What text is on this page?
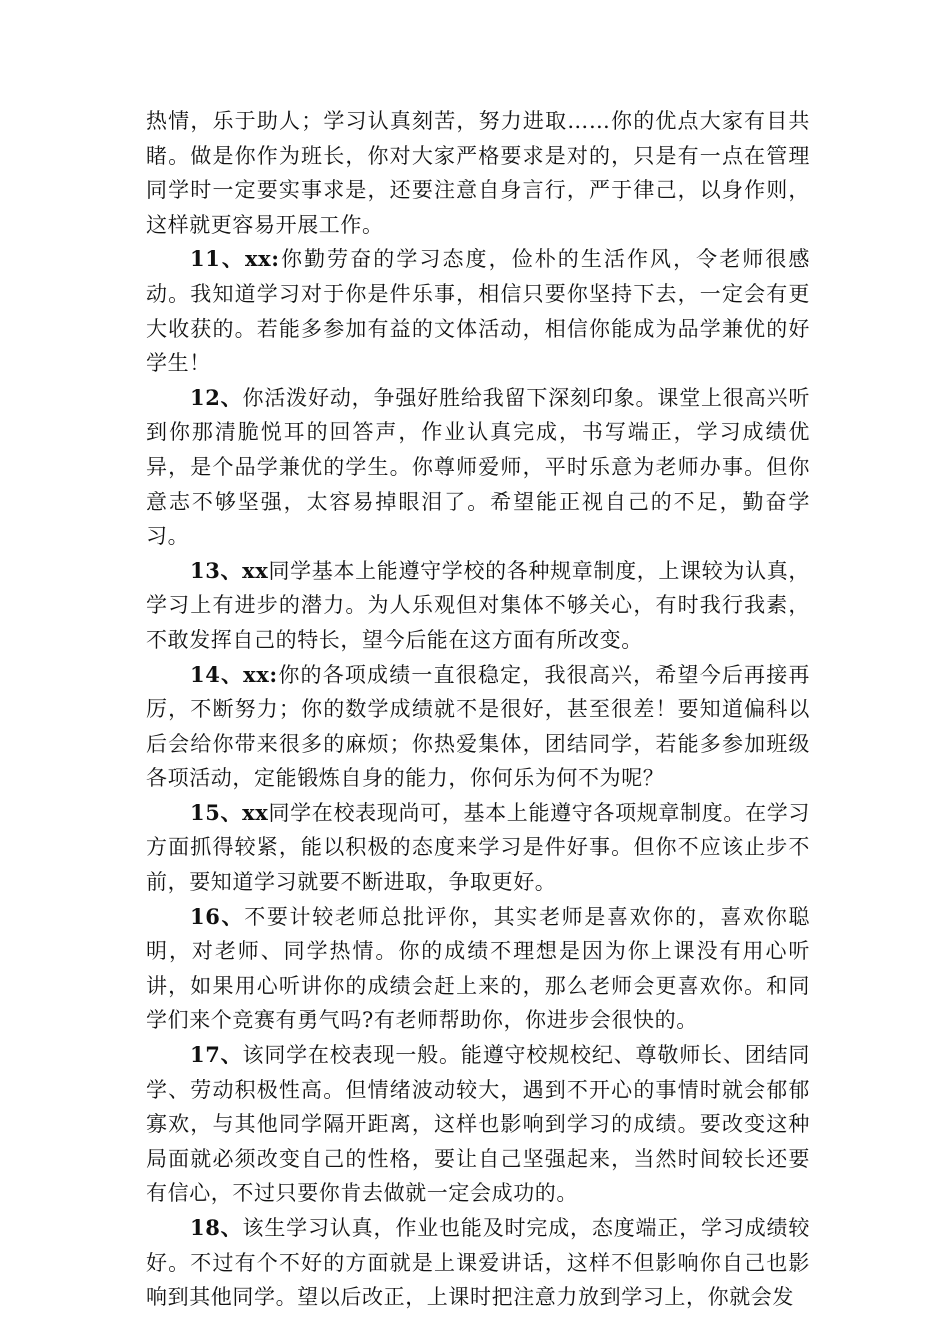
热情，乐于助人；学习认真刻苦，努力进取……你的优点大家有目共睹。做是你作为班长，你对大家严格要求是对的，只是有一点在管理同学时一定要实事求是，还要注意自身言行，严于律己，以身作则，这样就更容易开展工作。

11、xx:你勤劳奋的学习态度，俭朴的生活作风，令老师很感动。我知道学习对于你是件乐事，相信只要你坚持下去，一定会有更大收获的。若能多参加有益的文体活动，相信你能成为品学兼优的好学生！

12、你活泼好动，争强好胜给我留下深刻印象。课堂上很高兴听到你那清脆悦耳的回答声，作业认真完成，书写端正，学习成绩优异，是个品学兼优的学生。你尊师爱师，平时乐意为老师办事。但你意志不够坚强，太容易掉眼泪了。希望能正视自己的不足，勤奋学习。

13、xx同学基本上能遵守学校的各种规章制度，上课较为认真，学习上有进步的潜力。为人乐观但对集体不够关心，有时我行我素，不敢发挥自己的特长，望今后能在这方面有所改变。

14、xx:你的各项成绩一直很稳定，我很高兴，希望今后再接再厉，不断努力；你的数学成绩就不是很好，甚至很差！要知道偏科以后会给你带来很多的麻烦；你热爱集体，团结同学，若能多参加班级各项活动，定能锻炼自身的能力，你何乐为何不为呢？

15、xx同学在校表现尚可，基本上能遵守各项规章制度。在学习方面抓得较紧，能以积极的态度来学习是件好事。但你不应该止步不前，要知道学习就要不断进取，争取更好。

16、不要计较老师总批评你，其实老师是喜欢你的，喜欢你聪明，对老师、同学热情。你的成绩不理想是因为你上课没有用心听讲，如果用心听讲你的成绩会赶上来的，那么老师会更喜欢你。和同学们来个竞赛有勇气吗?有老师帮助你，你进步会很快的。

17、该同学在校表现一般。能遵守校规校纪、尊敬师长、团结同学、劳动积极性高。但情绪波动较大，遇到不开心的事情时就会郁郁寡欢，与其他同学隔开距离，这样也影响到学习的成绩。要改变这种局面就必须改变自己的性格，要让自己坚强起来，当然时间较长还要有信心，不过只要你肯去做就一定会成功的。

18、该生学习认真，作业也能及时完成，态度端正，学习成绩较好。不过有个不好的方面就是上课爱讲话，这样不但影响你自己也影响到其他同学。望以后改正，上课时把注意力放到学习上，你就会发
